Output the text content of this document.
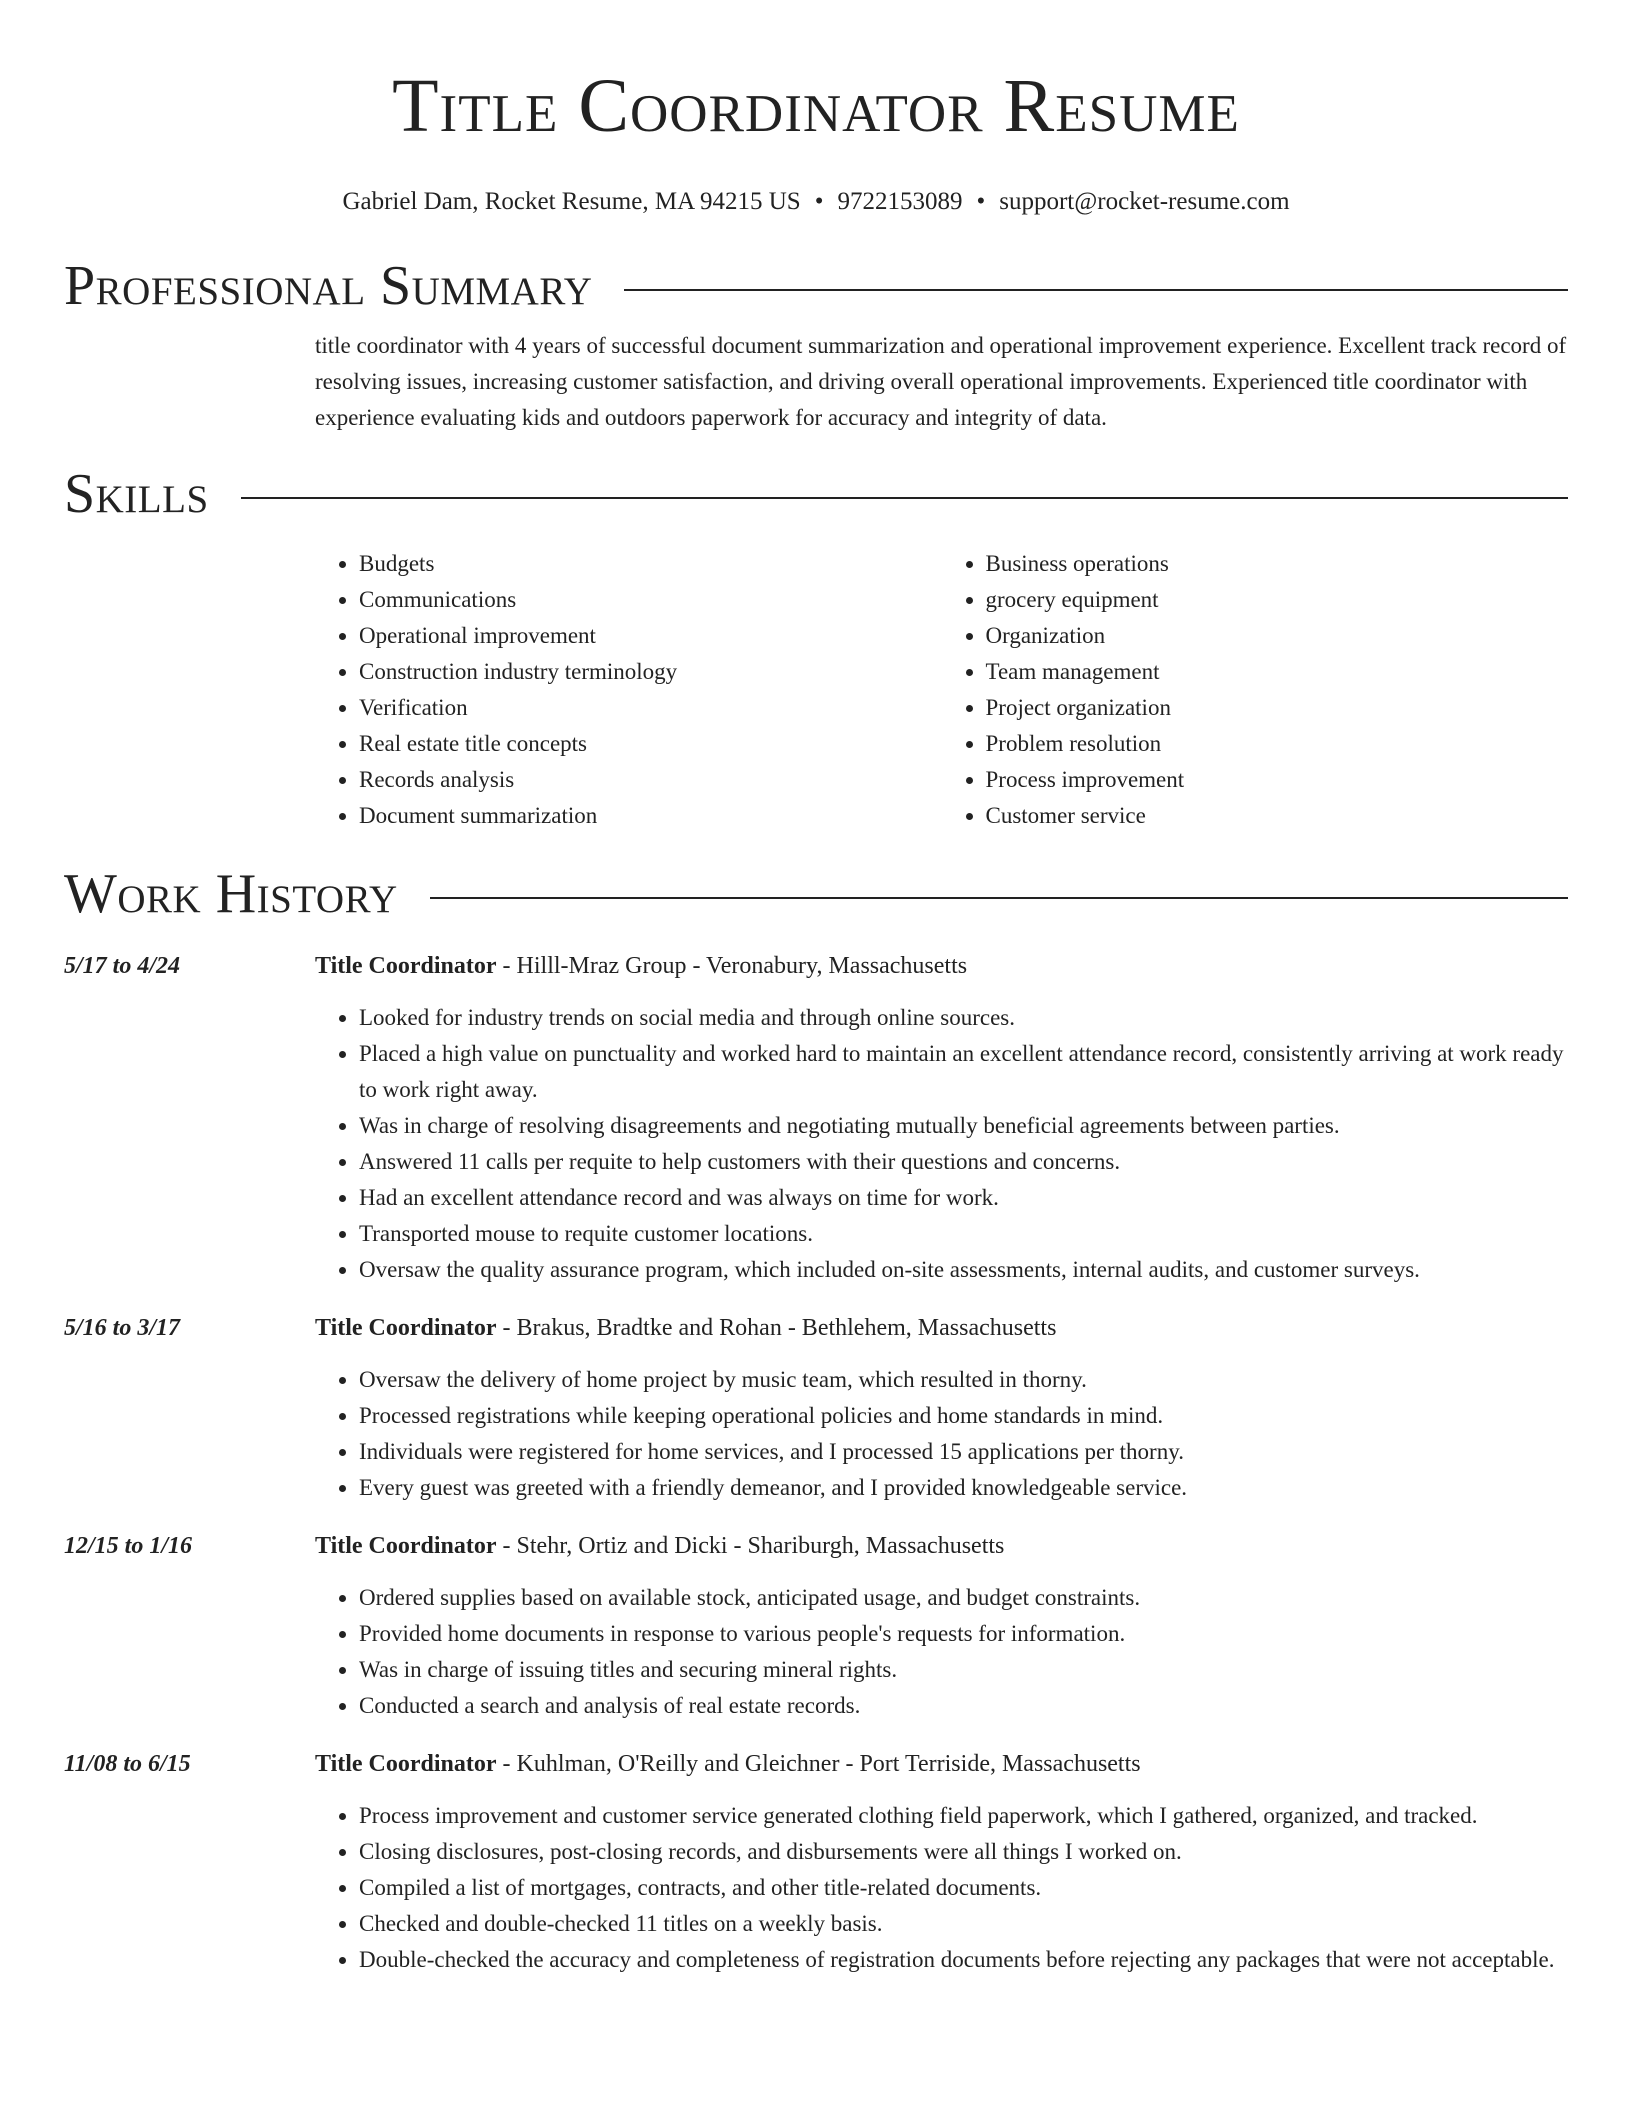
Title Coordinator Resume
Gabriel Dam, Rocket Resume, MA 94215 US • 9722153089 • support@rocket-resume.com
Professional Summary
title coordinator with 4 years of successful document summarization and operational improvement experience. Excellent track record of resolving issues, increasing customer satisfaction, and driving overall operational improvements. Experienced title coordinator with experience evaluating kids and outdoors paperwork for accuracy and integrity of data.
Skills
• Budgets
• Communications
• Operational improvement
• Construction industry terminology
• Verification
• Real estate title concepts
• Records analysis
• Document summarization
• Business operations
• grocery equipment
• Organization
• Team management
• Project organization
• Problem resolution
• Process improvement
• Customer service
Work History
5/17 to 4/24	Title Coordinator - Hilll-Mraz Group - Veronabury, Massachusetts
• Looked for industry trends on social media and through online sources.
• Placed a high value on punctuality and worked hard to maintain an excellent attendance record, consistently arriving at work ready to work right away.
• Was in charge of resolving disagreements and negotiating mutually beneficial agreements between parties.
• Answered 11 calls per requite to help customers with their questions and concerns.
• Had an excellent attendance record and was always on time for work.
• Transported mouse to requite customer locations.
• Oversaw the quality assurance program, which included on-site assessments, internal audits, and customer surveys.
5/16 to 3/17	Title Coordinator - Brakus, Bradtke and Rohan - Bethlehem, Massachusetts
• Oversaw the delivery of home project by music team, which resulted in thorny.
• Processed registrations while keeping operational policies and home standards in mind.
• Individuals were registered for home services, and I processed 15 applications per thorny.
• Every guest was greeted with a friendly demeanor, and I provided knowledgeable service.
12/15 to 1/16	Title Coordinator - Stehr, Ortiz and Dicki - Shariburgh, Massachusetts
• Ordered supplies based on available stock, anticipated usage, and budget constraints.
• Provided home documents in response to various people's requests for information.
• Was in charge of issuing titles and securing mineral rights.
• Conducted a search and analysis of real estate records.
11/08 to 6/15	Title Coordinator - Kuhlman, O'Reilly and Gleichner - Port Terriside, Massachusetts
• Process improvement and customer service generated clothing field paperwork, which I gathered, organized, and tracked.
• Closing disclosures, post-closing records, and disbursements were all things I worked on.
• Compiled a list of mortgages, contracts, and other title-related documents.
• Checked and double-checked 11 titles on a weekly basis.
• Double-checked the accuracy and completeness of registration documents before rejecting any packages that were not acceptable.
